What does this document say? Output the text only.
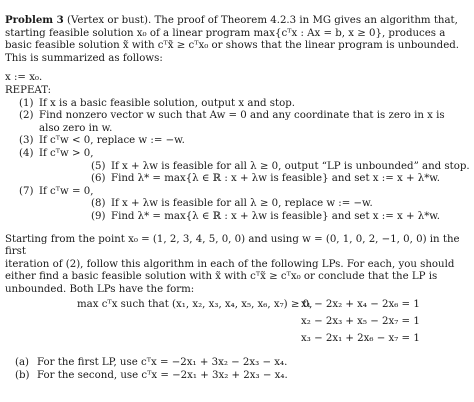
Problem 3 (Vertex or bust). The proof of Theorem 4.2.3 in MG gives an algorithm that,
starting feasible solution x₀ of a linear program max{cᵀx : Ax = b, x ≥ 0}, produces a
basic feasible solution x̃ with cᵀx̃ ≥ cᵀx₀ or shows that the linear program is unbounded.
This is summarized as follows:

x := x₀.
REPEAT:
(1) If x is a basic feasible solution, output x and stop.
(2) Find nonzero vector w such that Aw = 0 and any coordinate that is zero in x is
also zero in w.
(3) If cᵀw < 0, replace w := −w.
(4) If cᵀw > 0,
(5) If x + λw is feasible for all λ ≥ 0, output “LP is unbounded” and stop.
(6) Find λ* = max{λ ∈ ℝ : x + λw is feasible} and set x := x + λ*w.
(7) If cᵀw = 0,
(8) If x + λw is feasible for all λ ≥ 0, replace w := −w.
(9) Find λ* = max{λ ∈ ℝ : x + λw is feasible} and set x := x + λ*w.

Starting from the point x₀ = (1, 2, 3, 4, 5, 0, 0) and using w = (0, 1, 0, 2, −1, 0, 0) in the first
iteration of (2), follow this algorithm in each of the following LPs. For each, you should
either find a basic feasible solution with x̃ with cᵀx̃ ≥ cᵀx₀ or conclude that the LP is
unbounded. Both LPs have the form:

max cᵀx such that (x₁, x₂, x₃, x₄, x₅, x₆, x₇) ≥ 0,
x₁ − 2x₂ + x₄ − 2x₆ = 1
x₂ − 2x₃ + x₅ − 2x₇ = 1
x₃ − 2x₁ + 2x₆ − x₇ = 1
(a) For the first LP, use cᵀx = −2x₁ + 3x₂ − 2x₃ − x₄.
(b) For the second, use cᵀx = −2x₁ + 3x₂ + 2x₃ − x₄.
